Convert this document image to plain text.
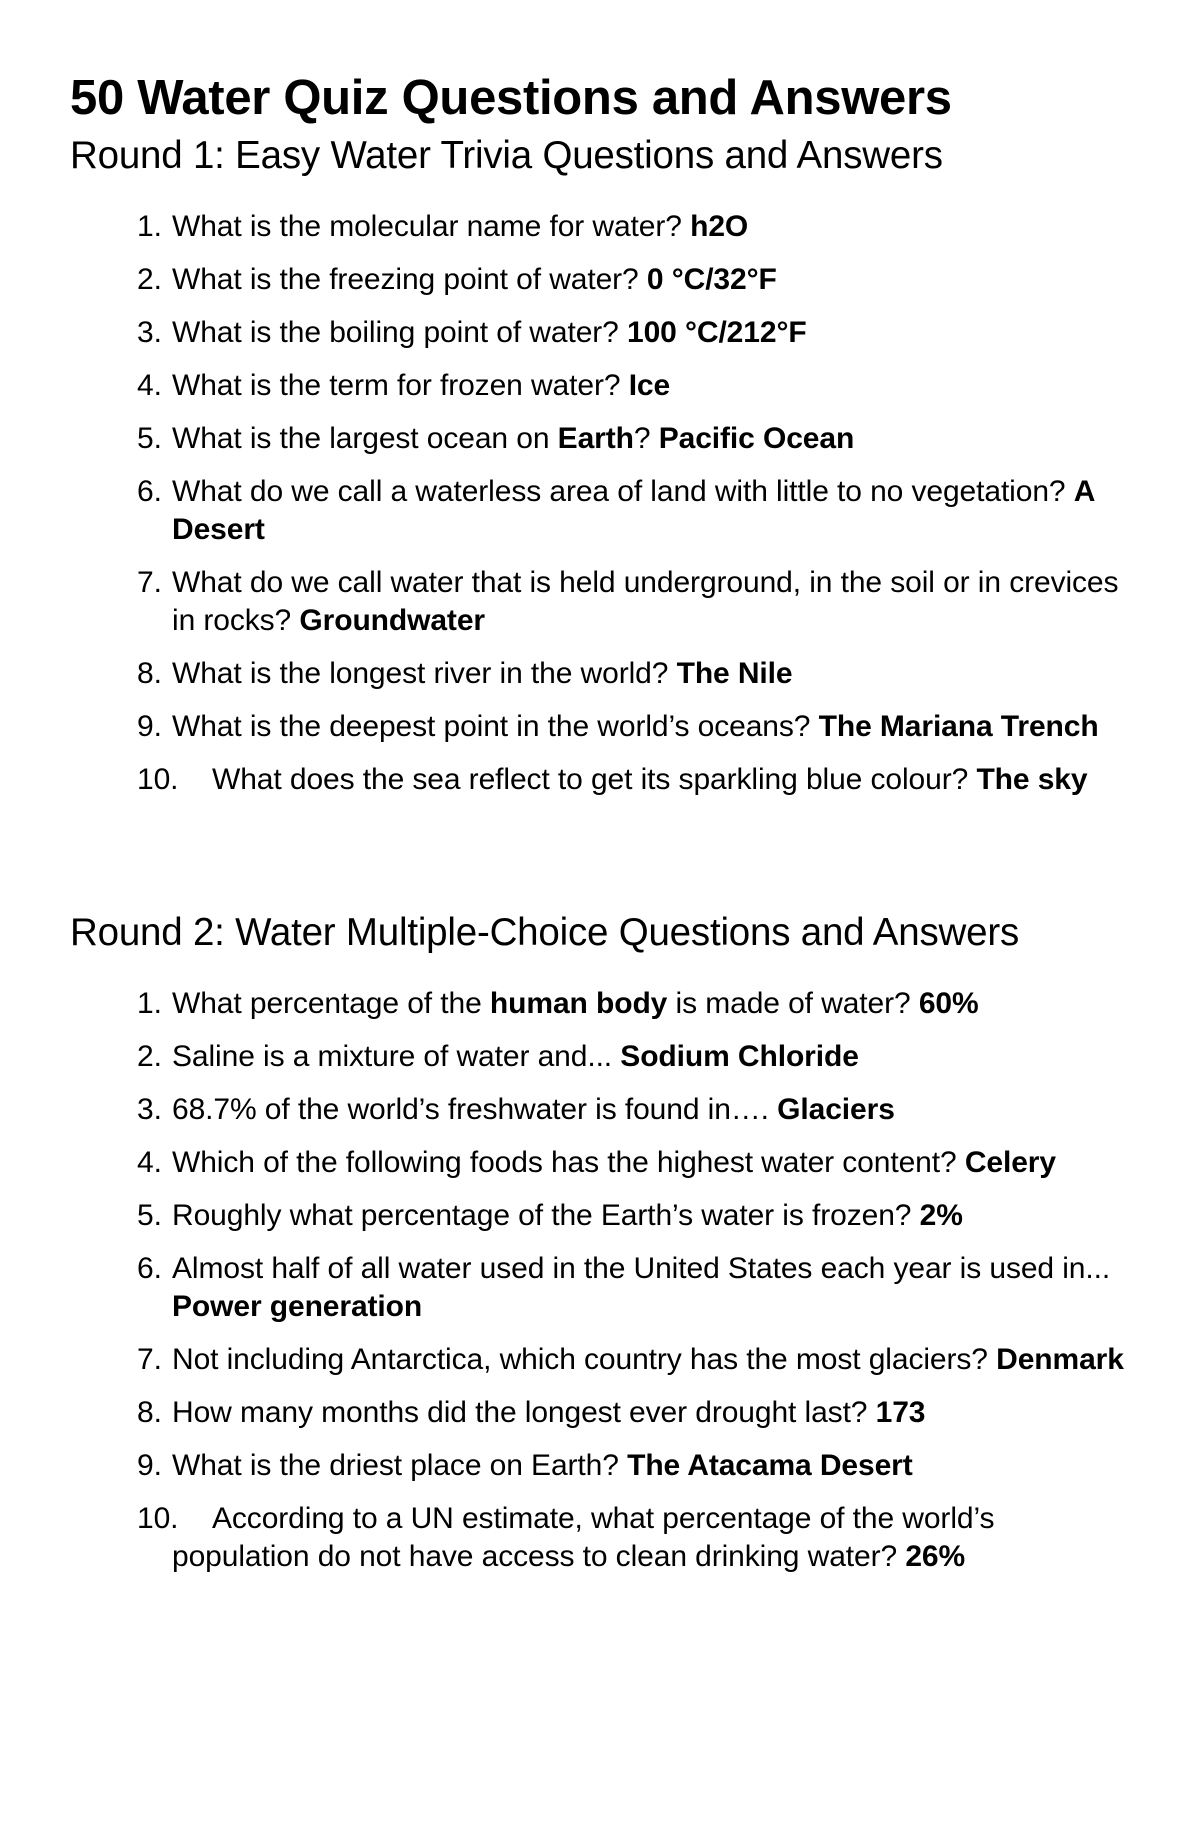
50 Water Quiz Questions and Answers
Round 1: Easy Water Trivia Questions and Answers
1. What is the molecular name for water? h2O
2. What is the freezing point of water? 0 °C/32°F
3. What is the boiling point of water? 100 °C/212°F
4. What is the term for frozen water? Ice
5. What is the largest ocean on Earth? Pacific Ocean
6. What do we call a waterless area of land with little to no vegetation? A Desert
7. What do we call water that is held underground, in the soil or in crevices in rocks? Groundwater
8. What is the longest river in the world? The Nile
9. What is the deepest point in the world’s oceans? The Mariana Trench
10. What does the sea reflect to get its sparkling blue colour? The sky
Round 2: Water Multiple-Choice Questions and Answers
1. What percentage of the human body is made of water? 60%
2. Saline is a mixture of water and... Sodium Chloride
3. 68.7% of the world’s freshwater is found in…. Glaciers
4. Which of the following foods has the highest water content? Celery
5. Roughly what percentage of the Earth’s water is frozen? 2%
6. Almost half of all water used in the United States each year is used in... Power generation
7. Not including Antarctica, which country has the most glaciers? Denmark
8. How many months did the longest ever drought last? 173
9. What is the driest place on Earth? The Atacama Desert
10. According to a UN estimate, what percentage of the world’s population do not have access to clean drinking water? 26%
